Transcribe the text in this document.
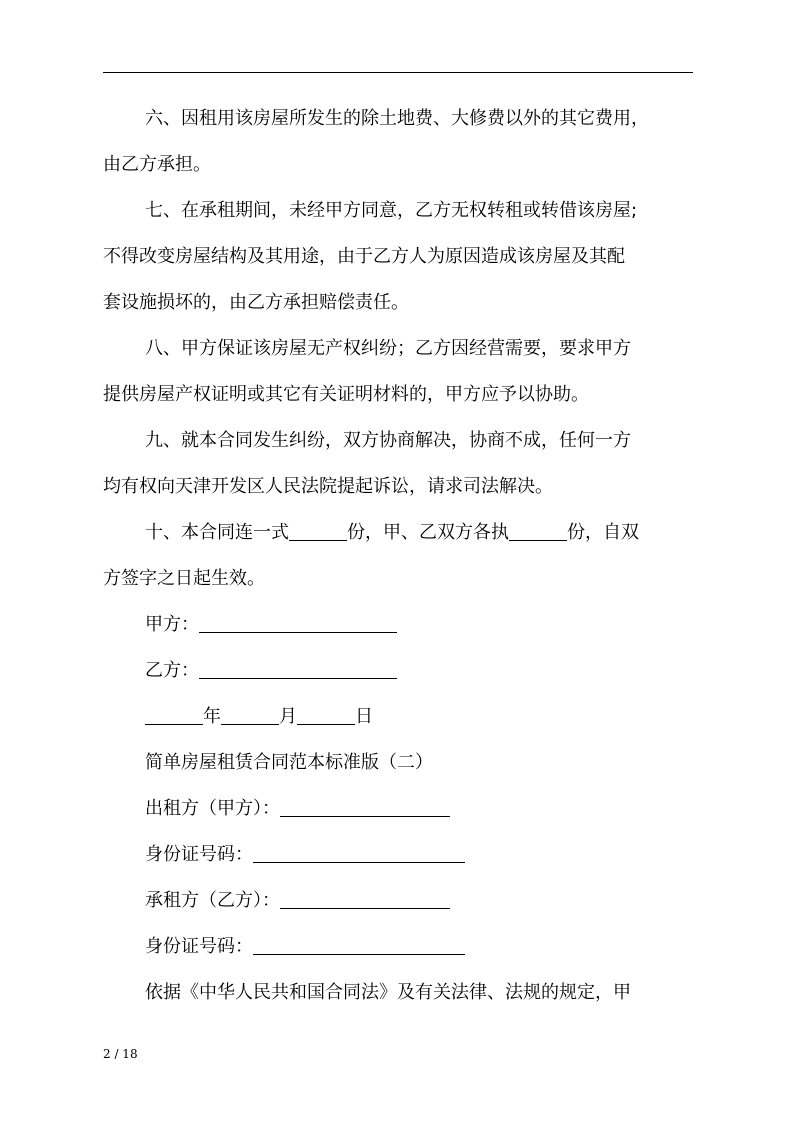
六、因租用该房屋所发生的除土地费、大修费以外的其它费用，
由乙方承担。
七、在承租期间，未经甲方同意，乙方无权转租或转借该房屋;
不得改变房屋结构及其用途，由于乙方人为原因造成该房屋及其配
套设施损坏的，由乙方承担赔偿责任。
八、甲方保证该房屋无产权纠纷；乙方因经营需要，要求甲方
提供房屋产权证明或其它有关证明材料的，甲方应予以协助。
九、就本合同发生纠纷，双方协商解决，协商不成，任何一方
均有权向天津开发区人民法院提起诉讼，请求司法解决。
十、本合同连一式	份，甲、乙双方各执	份，自双
方签字之日起生效。
甲方：
乙方：
年	月	日
简单房屋租赁合同范本标准版（二）
出租方（甲方）：
身份证号码：
承租方（乙方）：
身份证号码：
依据《中华人民共和国合同法》及有关法律、法规的规定，甲
2 / 18
